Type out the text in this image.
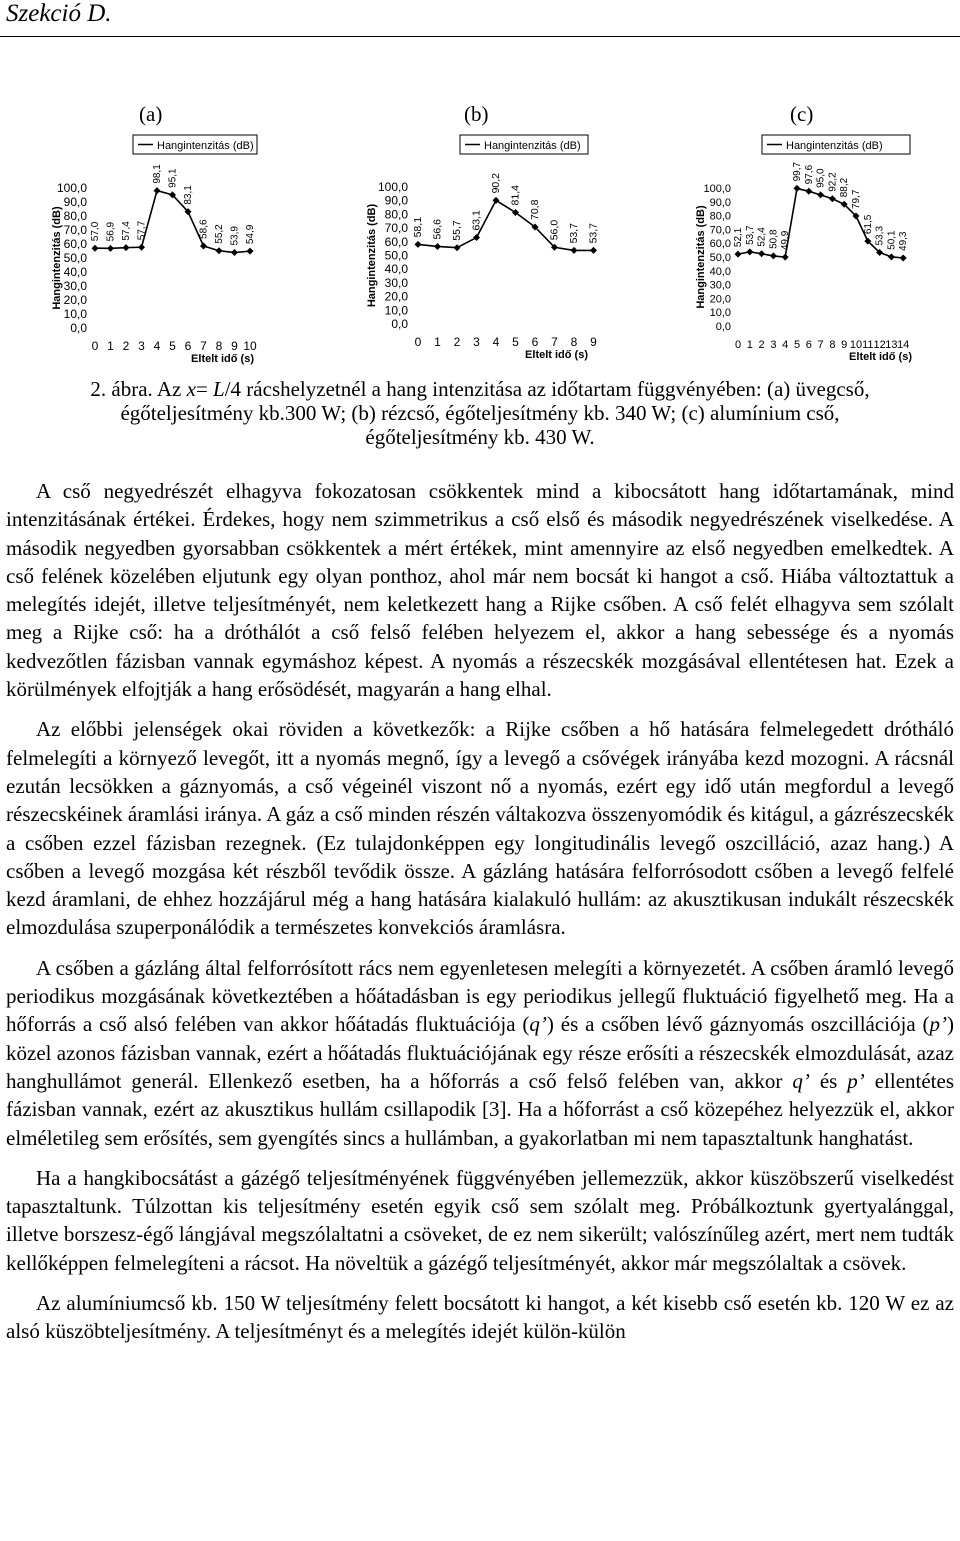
Szekció D.
(a)	(b)	(c)
Hangintenzitás (dB)
100,0
90,0
80,0
70,0
60,0
50,0
40,0
30,0
20,0
10,0
0,0
Hangintenzitás (dB)
0 1 2 3 4 5 6 7 8 9 10
Eltelt idő (s)
57,0 56,9 57,4 57,7
98,1 95,1
83,1
58,6 55,2 53,9 54,9
Hangintenzitás (dB)
100,0
90,0
80,0
70,0
60,0
50,0
40,0
30,0
20,0
10,0
0,0
Hangintenzitás (dB)
0 1 2 3 4 5 6 7 8 9
Eltelt idő (s)
58,1 56,6 55,7 63,1
90,2
81,4
70,8
56,0 53,7 53,7
Hangintenzitás (dB)
100,0
90,0
80,0
70,0
60,0
50,0
40,0
30,0
20,0
10,0
0,0
Hangintenzitás (dB)
0 1 2 3 4 5 6 7 8 9 10 11 12 13 14
Eltelt idő (s)
52,1 53,7 52,4 50,8 49,9
99,7 97,6 95,0 92,2 88,2
79,7
61,5
53,3 50,1 49,3
2. ábra. Az x= L/4 rácshelyzetnél a hang intenzitása az időtartam függvényében: (a) üvegcső,
égőteljesítmény kb.300 W; (b) rézcső, égőteljesítmény kb. 340 W; (c) alumínium cső,
égőteljesítmény kb. 430 W.

A cső negyedrészét elhagyva fokozatosan csökkentek mind a kibocsátott hang időtartamának, mind intenzitásának értékei. Érdekes, hogy nem szimmetrikus a cső első és második negyedrészének viselkedése. A második negyedben gyorsabban csökkentek a mért értékek, mint amennyire az első negyedben emelkedtek. A cső felének közelében eljutunk egy olyan ponthoz, ahol már nem bocsát ki hangot a cső. Hiába változtattuk a melegítés idejét, illetve teljesítményét, nem keletkezett hang a Rijke csőben. A cső felét elhagyva sem szólalt meg a Rijke cső: ha a dróthálót a cső felső felében helyezem el, akkor a hang sebessége és a nyomás kedvezőtlen fázisban vannak egymáshoz képest. A nyomás a részecskék mozgásával ellentétesen hat. Ezek a körülmények elfojtják a hang erősödését, magyarán a hang elhal.

Az előbbi jelenségek okai röviden a következők: a Rijke csőben a hő hatására felmelegedett drótháló felmelegíti a környező levegőt, itt a nyomás megnő, így a levegő a csővégek irányába kezd mozogni. A rácsnál ezután lecsökken a gáznyomás, a cső végeinél viszont nő a nyomás, ezért egy idő után megfordul a levegő részecskéinek áramlási iránya. A gáz a cső minden részén váltakozva összenyomódik és kitágul, a gázrészecskék a csőben ezzel fázisban rezegnek. (Ez tulajdonképpen egy longitudinális levegő oszcilláció, azaz hang.) A csőben a levegő mozgása két részből tevődik össze. A gázláng hatására felforrósodott csőben a levegő felfelé kezd áramlani, de ehhez hozzájárul még a hang hatására kialakuló hullám: az akusztikusan indukált részecskék elmozdulása szuperponálódik a természetes konvekciós áramlásra.

A csőben a gázláng által felforrósított rács nem egyenletesen melegíti a környezetét. A csőben áramló levegő periodikus mozgásának következtében a hőátadásban is egy periodikus jellegű fluktuáció figyelhető meg. Ha a hőforrás a cső alsó felében van akkor hőátadás fluktuációja (q’) és a csőben lévő gáznyomás oszcillációja (p’) közel azonos fázisban vannak, ezért a hőátadás fluktuációjának egy része erősíti a részecskék elmozdulását, azaz hanghullámot generál. Ellenkező esetben, ha a hőforrás a cső felső felében van, akkor q’ és p’ ellentétes fázisban vannak, ezért az akusztikus hullám csillapodik [3]. Ha a hőforrást a cső közepéhez helyezzük el, akkor elméletileg sem erősítés, sem gyengítés sincs a hullámban, a gyakorlatban mi nem tapasztaltunk hanghatást.

Ha a hangkibocsátást a gázégő teljesítményének függvényében jellemezzük, akkor küszöbszerű viselkedést tapasztaltunk. Túlzottan kis teljesítmény esetén egyik cső sem szólalt meg. Próbálkoztunk gyertyalánggal, illetve borszesz-égő lángjával megszólaltatni a csöveket, de ez nem sikerült; valószínűleg azért, mert nem tudták kellőképpen felmelegíteni a rácsot. Ha növeltük a gázégő teljesítményét, akkor már megszólaltak a csövek.

Az alumíniumcső kb. 150 W teljesítmény felett bocsátott ki hangot, a két kisebb cső esetén kb. 120 W ez az alsó küszöbteljesítmény. A teljesítményt és a melegítés idejét külön-külön
